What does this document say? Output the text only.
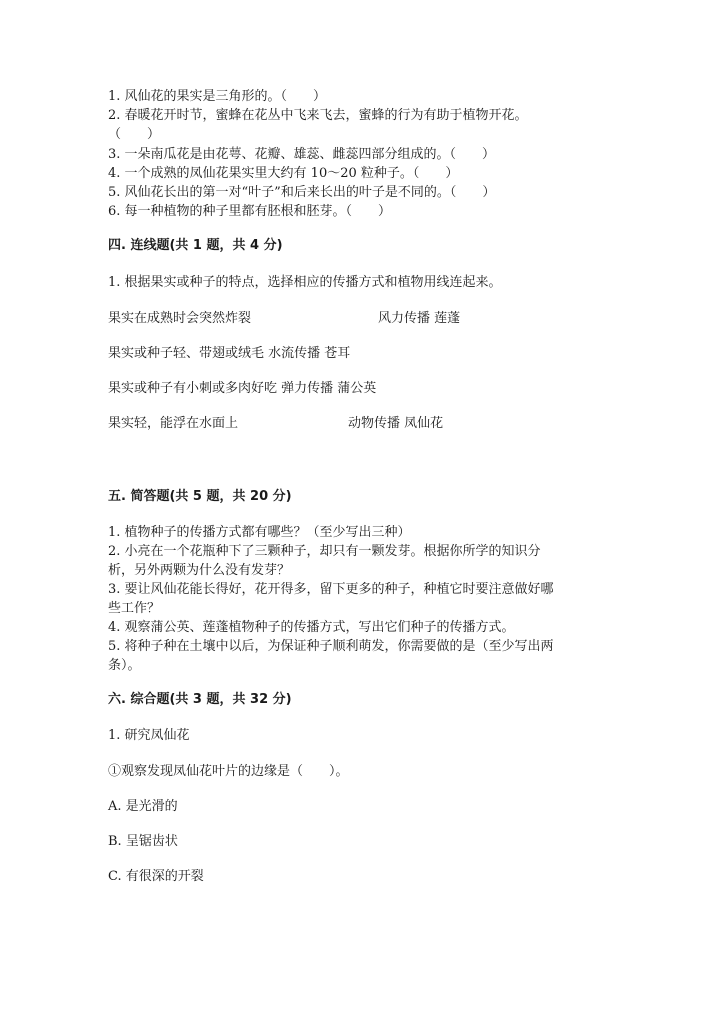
1. 风仙花的果实是三角形的。（　　）
2. 春暖花开时节，蜜蜂在花丛中飞来飞去，蜜蜂的行为有助于植物开花。
（　　）
3. 一朵南瓜花是由花萼、花瓣、雄蕊、雌蕊四部分组成的。（　　）
4. 一个成熟的凤仙花果实里大约有 10～20 粒种子。（　　）
5. 风仙花长出的第一对“叶子”和后来长出的叶子是不同的。（　　）
6. 每一种植物的种子里都有胚根和胚芽。（　　）
四. 连线题(共 1 题，共 4 分)
1. 根据果实或种子的特点，选择相应的传播方式和植物用线连起来。
果实在成熟时会突然炸裂	风力传播 莲蓬
果实或种子轻、带翅或绒毛 水流传播 苍耳
果实或种子有小刺或多肉好吃 弹力传播 蒲公英
果实轻，能浮在水面上	动物传播 凤仙花
五. 简答题(共 5 题，共 20 分)
1. 植物种子的传播方式都有哪些？（至少写出三种）
2. 小亮在一个花瓶种下了三颗种子，却只有一颗发芽。根据你所学的知识分
析，另外两颗为什么没有发芽？
3. 要让风仙花能长得好，花开得多，留下更多的种子，种植它时要注意做好哪
些工作？
4. 观察蒲公英、莲蓬植物种子的传播方式，写出它们种子的传播方式。
5. 将种子种在土壤中以后，为保证种子顺利萌发，你需要做的是（至少写出两
条）。
六. 综合题(共 3 题，共 32 分)
1. 研究凤仙花
①观察发现凤仙花叶片的边缘是（　　）。
A. 是光滑的
B. 呈锯齿状
C. 有很深的开裂
